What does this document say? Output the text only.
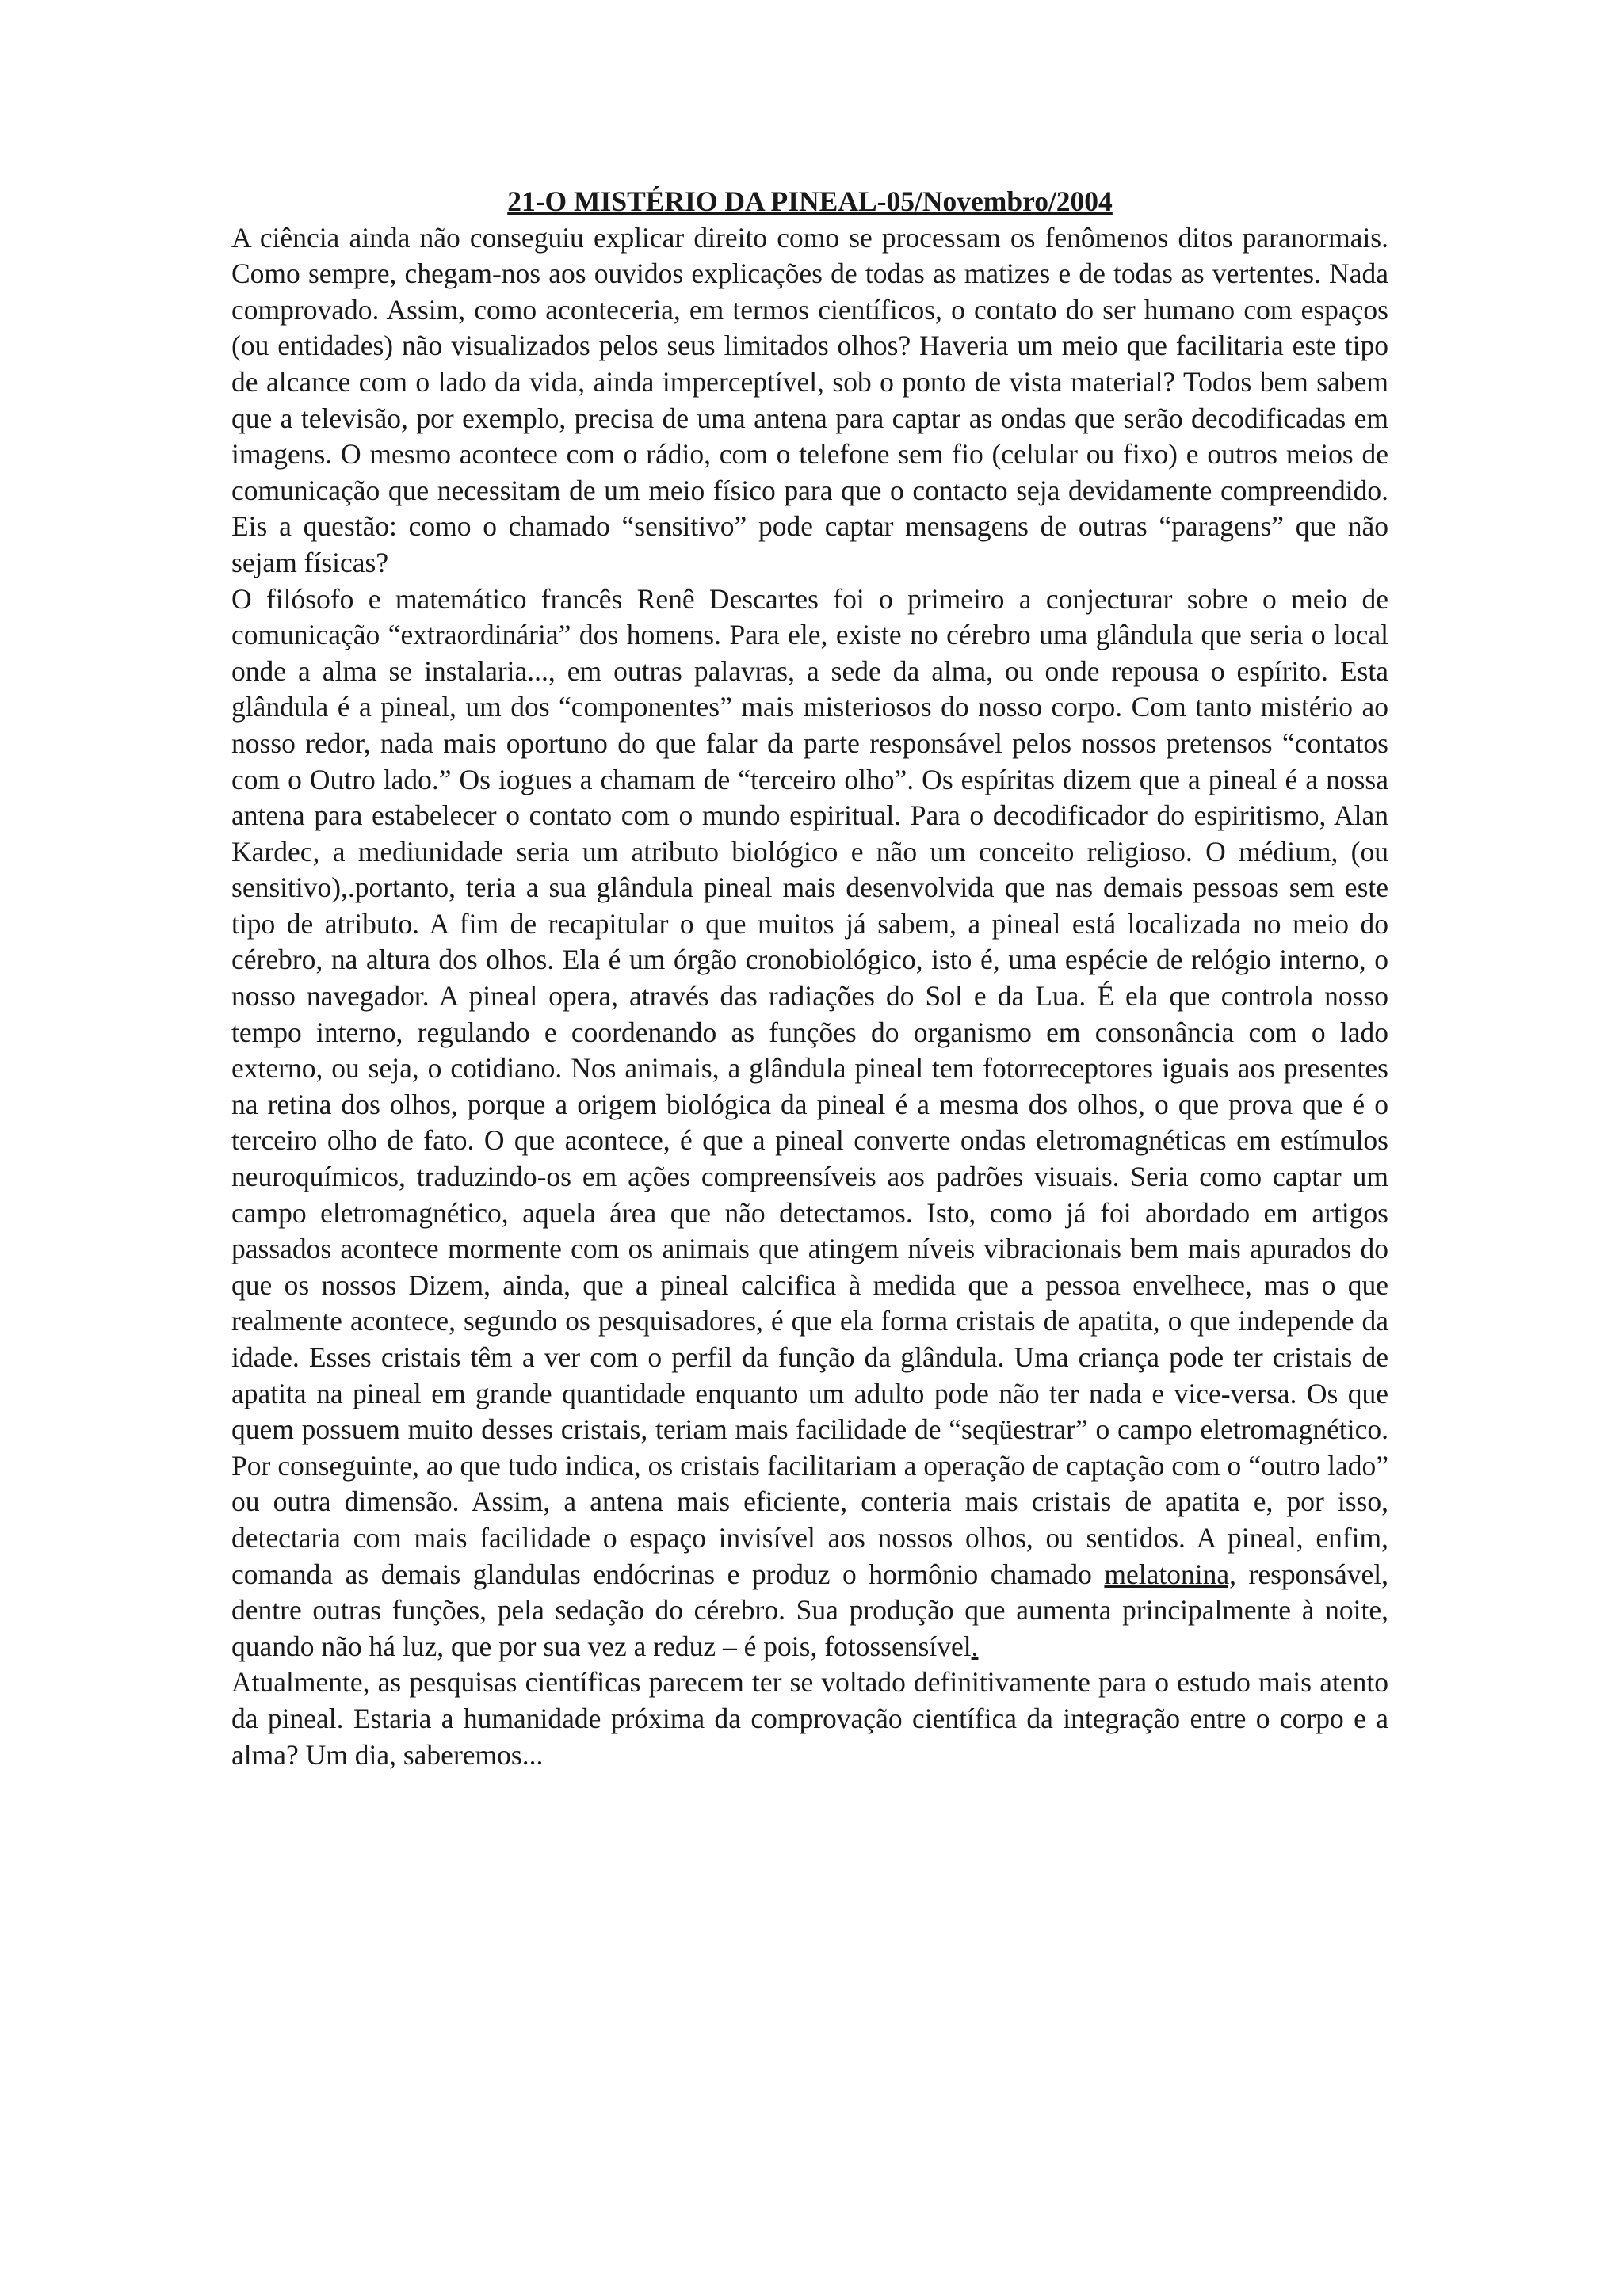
21-O MISTÉRIO DA PINEAL-05/Novembro/2004

A ciência ainda não conseguiu explicar direito como se processam os fenômenos ditos paranormais. Como sempre, chegam-nos aos ouvidos explicações de todas as matizes e de todas as vertentes. Nada comprovado. Assim, como aconteceria, em termos científicos, o contato do ser humano com espaços (ou entidades) não visualizados pelos seus limitados olhos? Haveria um meio que facilitaria este tipo de alcance com o lado da vida, ainda imperceptível, sob o ponto de vista material? Todos bem sabem que a televisão, por exemplo, precisa de uma antena para captar as ondas que serão decodificadas em imagens. O mesmo acontece com o rádio, com o telefone sem fio (celular ou fixo) e outros meios de comunicação que necessitam de um meio físico para que o contacto seja devidamente compreendido. Eis a questão: como o chamado “sensitivo” pode captar mensagens de outras “paragens” que não sejam físicas?

O filósofo e matemático francês Renê Descartes foi o primeiro a conjecturar sobre o meio de comunicação “extraordinária” dos homens. Para ele, existe no cérebro uma glândula que seria o local onde a alma se instalaria..., em outras palavras, a sede da alma, ou onde repousa o espírito. Esta glândula é a pineal, um dos “componentes” mais misteriosos do nosso corpo. Com tanto mistério ao nosso redor, nada mais oportuno do que falar da parte responsável pelos nossos pretensos “contatos com o Outro lado.” Os iogues a chamam de “terceiro olho”. Os espíritas dizem que a pineal é a nossa antena para estabelecer o contato com o mundo espiritual. Para o decodificador do espiritismo, Alan Kardec, a mediunidade seria um atributo biológico e não um conceito religioso. O médium, (ou sensitivo),.portanto, teria a sua glândula pineal mais desenvolvida que nas demais pessoas sem este tipo de atributo. A fim de recapitular o que muitos já sabem, a pineal está localizada no meio do cérebro, na altura dos olhos. Ela é um órgão cronobiológico, isto é, uma espécie de relógio interno, o nosso navegador. A pineal opera, através das radiações do Sol e da Lua. É ela que controla nosso tempo interno, regulando e coordenando as funções do organismo em consonância com o lado externo, ou seja, o cotidiano. Nos animais, a glândula pineal tem fotorreceptores iguais aos presentes na retina dos olhos, porque a origem biológica da pineal é a mesma dos olhos, o que prova que é o terceiro olho de fato. O que acontece, é que a pineal converte ondas eletromagnéticas em estímulos neuroquímicos, traduzindo-os em ações compreensíveis aos padrões visuais. Seria como captar um campo eletromagnético, aquela área que não detectamos. Isto, como já foi abordado em artigos passados acontece mormente com os animais que atingem níveis vibracionais bem mais apurados do que os nossos Dizem, ainda, que a pineal calcifica à medida que a pessoa envelhece, mas o que realmente acontece, segundo os pesquisadores, é que ela forma cristais de apatita, o que independe da idade. Esses cristais têm a ver com o perfil da função da glândula. Uma criança pode ter cristais de apatita na pineal em grande quantidade enquanto um adulto pode não ter nada e vice-versa. Os que quem possuem muito desses cristais, teriam mais facilidade de “seqüestrar” o campo eletromagnético. Por conseguinte, ao que tudo indica, os cristais facilitariam a operação de captação com o “outro lado” ou outra dimensão. Assim, a antena mais eficiente, conteria mais cristais de apatita e, por isso, detectaria com mais facilidade o espaço invisível aos nossos olhos, ou sentidos. A pineal, enfim, comanda as demais glandulas endócrinas e produz o hormônio chamado melatonina, responsável, dentre outras funções, pela sedação do cérebro. Sua produção que aumenta principalmente à noite, quando não há luz, que por sua vez a reduz – é pois, fotossensível.

Atualmente, as pesquisas científicas parecem ter se voltado definitivamente para o estudo mais atento da pineal. Estaria a humanidade próxima da comprovação científica da integração entre o corpo e a alma? Um dia, saberemos...
